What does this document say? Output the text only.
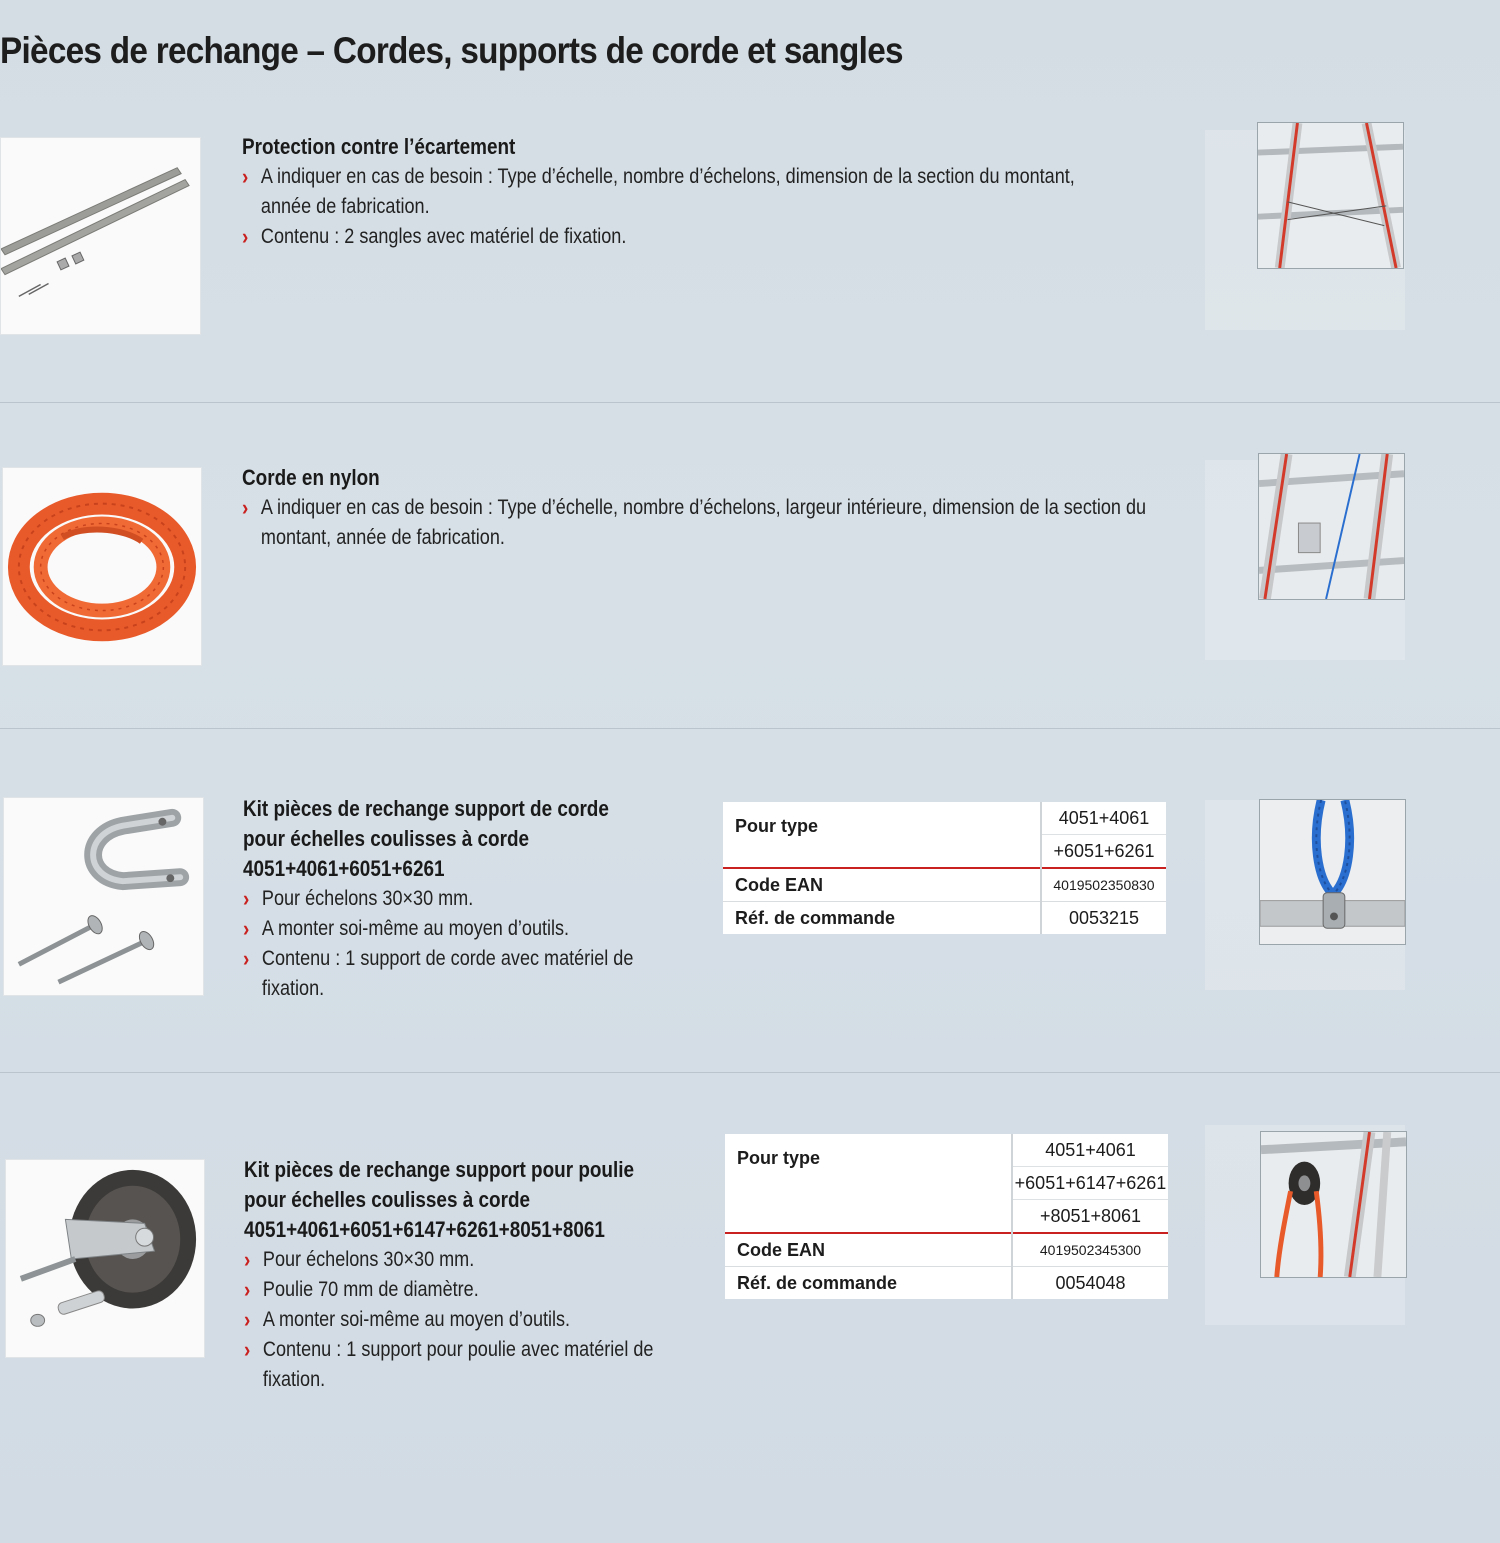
Pièces de rechange – Cordes, supports de corde et sangles
Protection contre l’écartement
› A indiquer en cas de besoin : Type d’échelle, nombre d’échelons, dimension de la section du montant, année de fabrication.
› Contenu : 2 sangles avec matériel de fixation.
Corde en nylon
› A indiquer en cas de besoin : Type d’échelle, nombre d’échelons, largeur intérieure, dimension de la section du montant, année de fabrication.
Kit pièces de rechange support de corde
pour échelles coulisses à corde
4051+4061+6051+6261
› Pour échelons 30×30 mm.
› A monter soi-même au moyen d’outils.
› Contenu : 1 support de corde avec matériel de fixation.
Pour type	4051+4061
	+6051+6261
Code EAN	4019502350830
Réf. de commande	0053215
Kit pièces de rechange support pour poulie
pour échelles coulisses à corde
4051+4061+6051+6147+6261+8051+8061
› Pour échelons 30×30 mm.
› Poulie 70 mm de diamètre.
› A monter soi-même au moyen d’outils.
› Contenu : 1 support pour poulie avec matériel de fixation.
Pour type	4051+4061
	+6051+6147+6261
	+8051+8061
Code EAN	4019502345300
Réf. de commande	0054048
